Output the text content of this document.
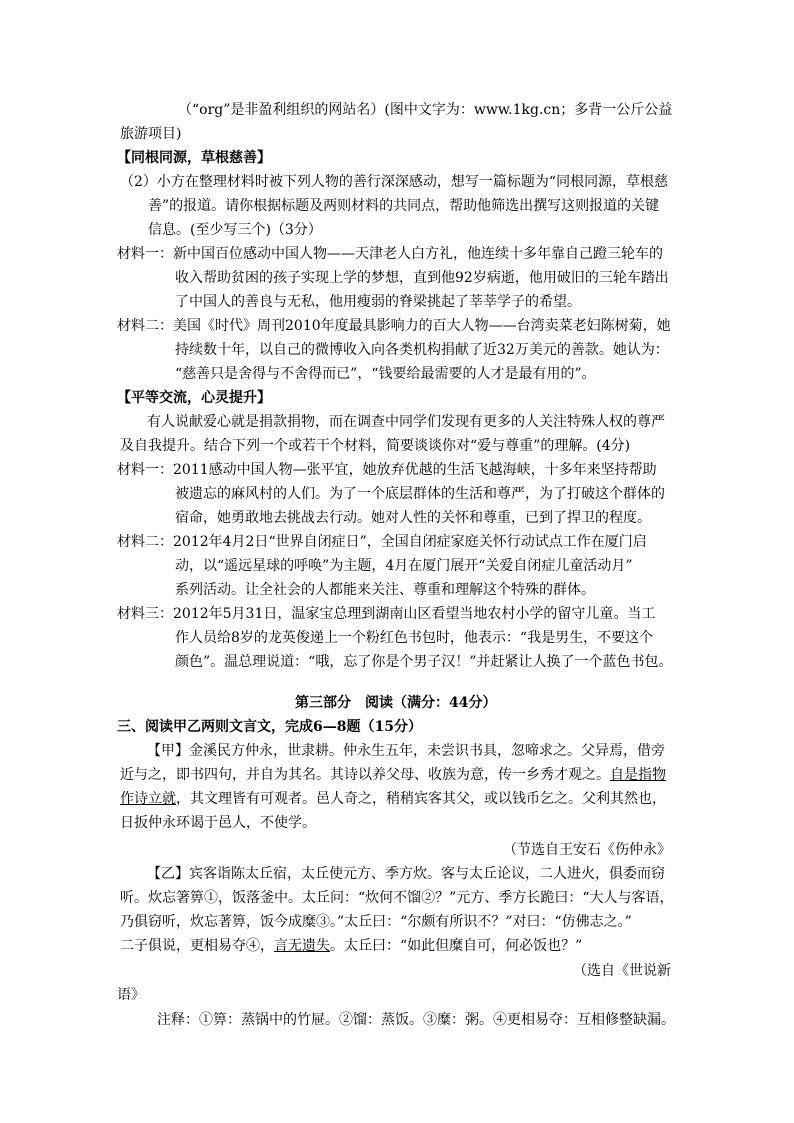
（“org”是非盈利组织的网站名）(图中文字为：www.1kg.cn；多背一公斤公益
旅游项目)
【同根同源，草根慈善】
（2）小方在整理材料时被下列人物的善行深深感动，想写一篇标题为“同根同源，草根慈
善”的报道。请你根据标题及两则材料的共同点，帮助他筛选出撰写这则报道的关键
信息。(至少写三个)（3分）
材料一：新中国百位感动中国人物——天津老人白方礼，他连续十多年靠自己蹬三轮车的
收入帮助贫困的孩子实现上学的梦想，直到他92岁病逝，他用破旧的三轮车踏出
了中国人的善良与无私，他用瘦弱的脊梁挑起了莘莘学子的希望。
材料二：美国《时代》周刊2010年度最具影响力的百大人物——台湾卖菜老妇陈树菊，她
持续数十年，以自己的微博收入向各类机构捐献了近32万美元的善款。她认为：
“慈善只是舍得与不舍得而已”，“钱要给最需要的人才是最有用的”。
【平等交流，心灵提升】
有人说献爱心就是捐款捐物，而在调查中同学们发现有更多的人关注特殊人权的尊严
及自我提升。结合下列一个或若干个材料，简要谈谈你对“爱与尊重”的理解。(4分)
材料一：2011感动中国人物—张平宜，她放弃优越的生活飞越海峡，十多年来坚持帮助
被遗忘的麻风村的人们。为了一个底层群体的生活和尊严，为了打破这个群体的
宿命，她勇敢地去挑战去行动。她对人性的关怀和尊重，已到了捍卫的程度。
材料二：2012年4月2日“世界自闭症日”，全国自闭症家庭关怀行动试点工作在厦门启
动，以“遥远星球的呼唤”为主题，4月在厦门展开“关爱自闭症儿童活动月”
系列活动。让全社会的人都能来关注、尊重和理解这个特殊的群体。
材料三：2012年5月31日，温家宝总理到湖南山区看望当地农村小学的留守儿童。当工
作人员给8岁的龙英俊递上一个粉红色书包时，他表示：“我是男生，不要这个
颜色”。温总理说道：“哦，忘了你是个男子汉！”并赶紧让人换了一个蓝色书包。
第三部分　阅读（满分：44分）
三、阅读甲乙两则文言文，完成6—8题（15分）
【甲】金溪民方仲永，世隶耕。仲永生五年，未尝识书具，忽啼求之。父异焉，借旁
近与之，即书四句，并自为其名。其诗以养父母、收族为意，传一乡秀才观之。自是指物
作诗立就，其文理皆有可观者。邑人奇之，稍稍宾客其父，或以钱币乞之。父利其然也，
日扳仲永环谒于邑人，不使学。
（节选自王安石《伤仲永》
【乙】宾客诣陈太丘宿，太丘使元方、季方炊。客与太丘论议，二人进火，俱委而窃
听。炊忘箸箅①，饭落釜中。太丘问：“炊何不馏②？”元方、季方长跪曰：“大人与客语，
乃俱窃听，炊忘著箅，饭今成糜③。”太丘曰：“尔颇有所识不？”对曰：“仿佛志之。”
二子俱说，更相易夺④，言无遗失。太丘曰：“如此但糜自可，何必饭也？”
（选自《世说新
语》
注释：①箅：蒸锅中的竹屉。②馏：蒸饭。③糜：粥。④更相易夺：互相修整缺漏。
